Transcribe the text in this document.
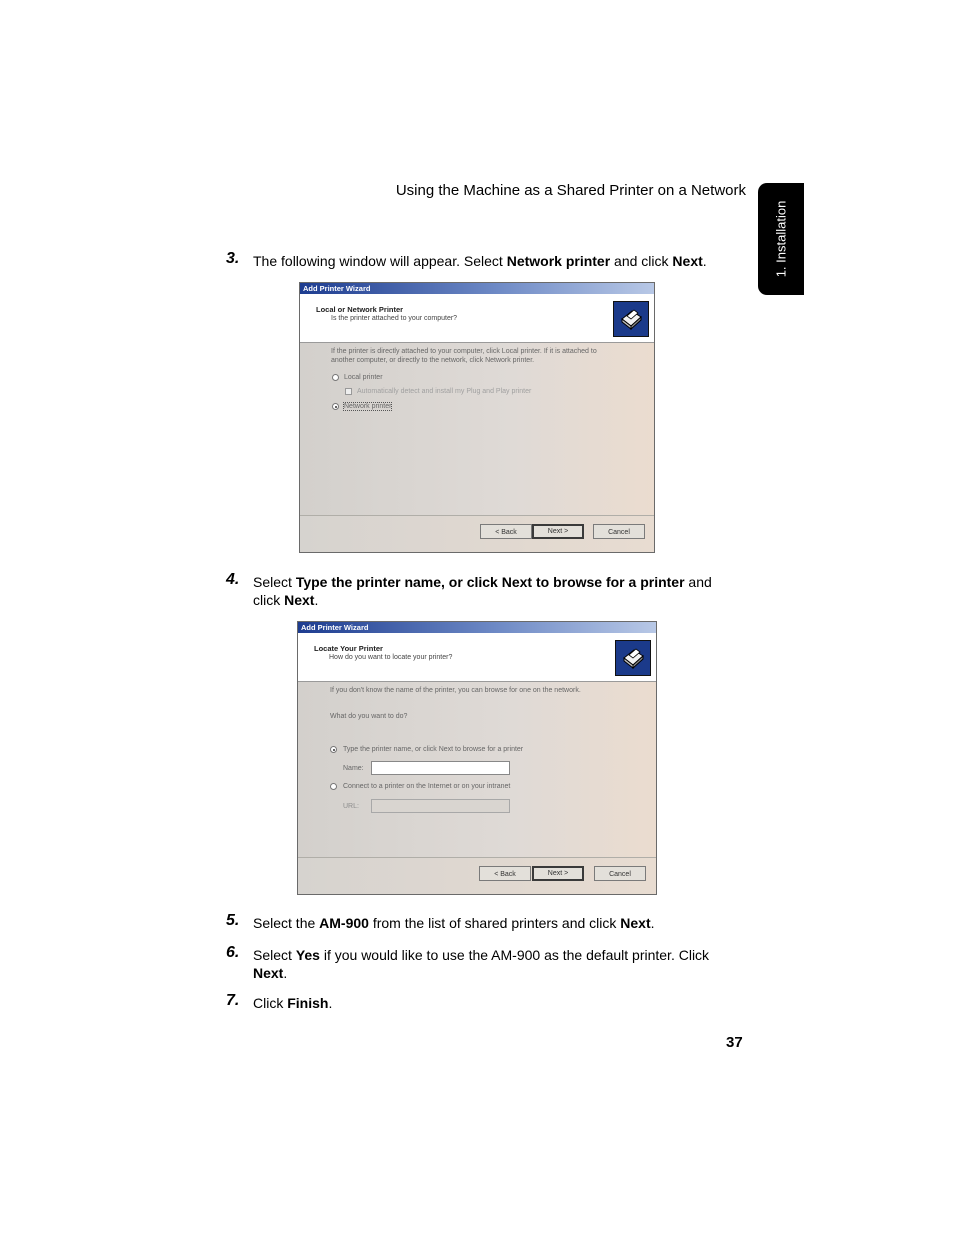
Using the Machine as a Shared Printer on a Network
1. Installation
3. The following window will appear. Select Network printer and click Next.
Add Printer Wizard
Local or Network Printer
Is the printer attached to your computer?
If the printer is directly attached to your computer, click Local printer. If it is attached to
another computer, or directly to the network, click Network printer.
Local printer
Automatically detect and install my Plug and Play printer
Network printer
< Back	Next >	Cancel
4. Select Type the printer name, or click Next to browse for a printer and click Next.
Add Printer Wizard
Locate Your Printer
How do you want to locate your printer?
If you don't know the name of the printer, you can browse for one on the network.
What do you want to do?
Type the printer name, or click Next to browse for a printer
Name:
Connect to a printer on the Internet or on your intranet
URL:
< Back	Next >	Cancel
5. Select the AM-900 from the list of shared printers and click Next.
6. Select Yes if you would like to use the AM-900 as the default printer. Click Next.
7. Click Finish.
37
